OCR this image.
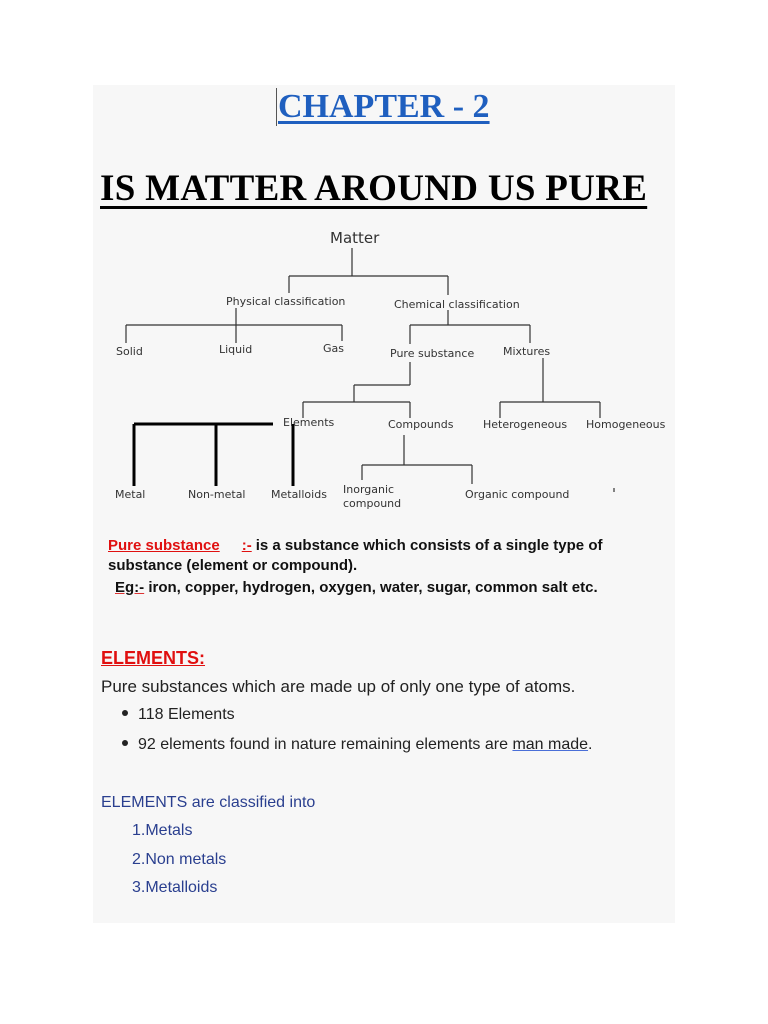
CHAPTER - 2
IS MATTER AROUND US PURE
Matter
Physical classification	Chemical classification
Solid	Liquid	Gas	Pure substance	Mixtures
Elements	Compounds	Heterogeneous Homogeneous
Metal	Non-metal Metalloids Inorganic
compound
Organic compound
Pure substance :- is a substance which consists of a single type of substance (element or compound).
Eg:- iron, copper, hydrogen, oxygen, water, sugar, common salt etc.
ELEMENTS:
Pure substances which are made up of only one type of atoms.
118 Elements
92 elements found in nature remaining elements are man made.
ELEMENTS are classified into
1.Metals
2.Non metals
3.Metalloids
